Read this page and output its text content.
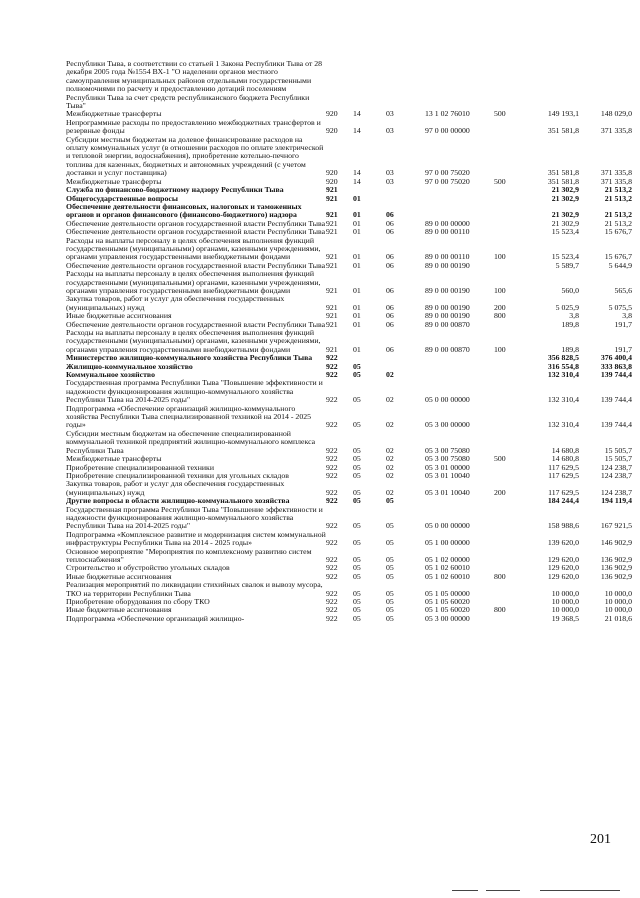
Республики Тыва, в соответствии со статьей 1 Закона Республики Тыва от 28 декабря 2005 года №1554 ВХ-1 "О наделении органов местного самоуправления муниципальных районов отдельными государственными полномочиями по расчету и предоставлению дотаций поселениям Республики Тыва за счет средств республиканского бюджета Республики Тыва"							
Межбюджетные трансферты	920	14	03	13 1 02 76010	500	149 193,1	148 029,0
Непрограммные расходы по предоставлению межбюджетных трансфертов и резервные фонды	920	14	03	97 0 00 00000		351 581,8	371 335,8
Субсидии местным бюджетам на долевое финансирование расходов на оплату коммунальных услуг (в отношении расходов по оплате электрической и тепловой энергии, водоснабжения), приобретение котельно-печного топлива для казенных, бюджетных и автономных учреждений (с учетом доставки и услуг поставщика)	920	14	03	97 0 00 75020		351 581,8	371 335,8
Межбюджетные трансферты	920	14	03	97 0 00 75020	500	351 581,8	371 335,8
Служба по финансово-бюджетному надзору Республики Тыва	921					21 302,9	21 513,2
Общегосударственные вопросы	921	01				21 302,9	21 513,2
Обеспечение деятельности финансовых, налоговых и таможенных органов и органов финансового (финансово-бюджетного) надзора	921	01	06			21 302,9	21 513,2
Обеспечение деятельности органов государственной власти Республики Тыва	921	01	06	89 0 00 00000		21 302,9	21 513,2
Обеспечение деятельности органов государственной власти Республики Тыва	921	01	06	89 0 00 00110		15 523,4	15 676,7
Расходы на выплаты персоналу в целях обеспечения выполнения функций государственными (муниципальными) органами, казенными учреждениями, органами управления государственными внебюджетными фондами	921	01	06	89 0 00 00110	100	15 523,4	15 676,7
Обеспечение деятельности органов государственной власти Республики Тыва	921	01	06	89 0 00 00190		5 589,7	5 644,9
Расходы на выплаты персоналу в целях обеспечения выполнения функций государственными (муниципальными) органами, казенными учреждениями, органами управления государственными внебюджетными фондами	921	01	06	89 0 00 00190	100	560,0	565,6
Закупка товаров, работ и услуг для обеспечения государственных (муниципальных) нужд	921	01	06	89 0 00 00190	200	5 025,9	5 075,5
Иные бюджетные ассигнования	921	01	06	89 0 00 00190	800	3,8	3,8
Обеспечение деятельности органов государственной власти Республики Тыва	921	01	06	89 0 00 00870		189,8	191,7
Расходы на выплаты персоналу в целях обеспечения выполнения функций государственными (муниципальными) органами, казенными учреждениями, органами управления государственными внебюджетными фондами	921	01	06	89 0 00 00870	100	189,8	191,7
Министерство жилищно-коммунального хозяйства Республики Тыва	922					356 828,5	376 400,4
Жилищно-коммунальное хозяйство	922	05				316 554,8	333 863,8
Коммунальное хозяйство	922	05	02			132 310,4	139 744,4
Государственная программа Республики Тыва "Повышение эффективности и надежности функционирования жилищно-коммунального хозяйства Республики Тыва на 2014-2025 годы"	922	05	02	05 0 00 00000		132 310,4	139 744,4
Подпрограмма «Обеспечение организаций жилищно-коммунального хозяйства Республики Тыва специализированной техникой на 2014 - 2025 годы»	922	05	02	05 3 00 00000		132 310,4	139 744,4
Субсидии местным бюджетам на обеспечение специализированной коммунальной техникой предприятий жилищно-коммунального комплекса Республики Тыва	922	05	02	05 3 00 75080		14 680,8	15 505,7
Межбюджетные трансферты	922	05	02	05 3 00 75080	500	14 680,8	15 505,7
Приобретение специализированной техники	922	05	02	05 3 01 00000		117 629,5	124 238,7
Приобретение специализированной техники для угольных складов	922	05	02	05 3 01 10040		117 629,5	124 238,7
Закупка товаров, работ и услуг для обеспечения государственных (муниципальных) нужд	922	05	02	05 3 01 10040	200	117 629,5	124 238,7
Другие вопросы в области жилищно-коммунального хозяйства	922	05	05			184 244,4	194 119,4
Государственная программа Республики Тыва "Повышение эффективности и надежности функционирования жилищно-коммунального хозяйства Республики Тыва на 2014-2025 годы"	922	05	05	05 0 00 00000		158 988,6	167 921,5
Подпрограмма «Комплексное развитие и модернизация систем коммунальной инфраструктуры Республики Тыва на 2014 - 2025 годы»	922	05	05	05 1 00 00000		139 620,0	146 902,9
Основное мероприятие "Мероприятия по комплексному развитию систем теплоснабжения"	922	05	05	05 1 02 00000		129 620,0	136 902,9
Строительство и обустройство угольных складов	922	05	05	05 1 02 60010		129 620,0	136 902,9
Иные бюджетные ассигнования	922	05	05	05 1 02 60010	800	129 620,0	136 902,9
Реализация мероприятий по ликвидации стихийных свалок и вывозу мусора, ТКО на территории Республики Тыва	922	05	05	05 1 05 00000		10 000,0	10 000,0
Приобретение оборудования по сбору ТКО	922	05	05	05 1 05 60020		10 000,0	10 000,0
Иные бюджетные ассигнования	922	05	05	05 1 05 60020	800	10 000,0	10 000,0
Подпрограмма «Обеспечение организаций жилищно-	922	05	05	05 3 00 00000		19 368,5	21 018,6
201
